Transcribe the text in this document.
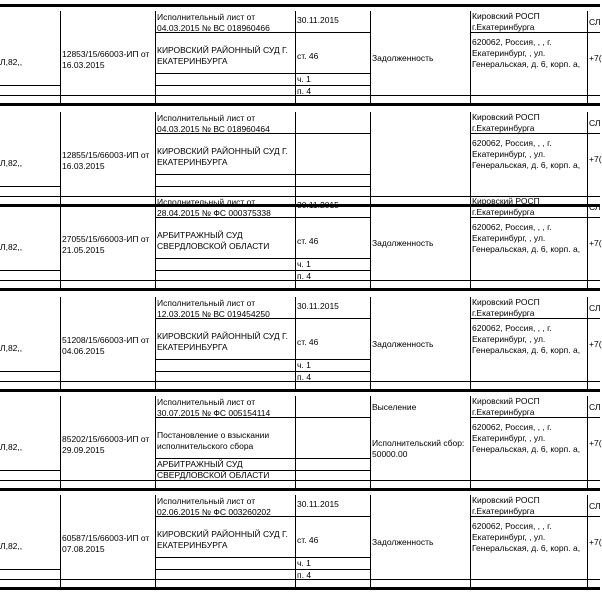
Л,82,,
12853/15/66003-ИП от 16.03.2015
Исполнительный лист от
04.03.2015 № ВС 018960466
КИРОВСКИЙ РАЙОННЫЙ СУД Г.
ЕКАТЕРИНБУРГА
30.11.2015
ст. 46
ч. 1
п. 4
Задолженность
Кировский РОСП
г.Екатеринбурга
620062, Россия, , , г.
Екатеринбург, , ул.
Генеральская, д. 6, корп. а,
СЛ
+7(
Л,82,,
12855/15/66003-ИП от 16.03.2015
Исполнительный лист от
04.03.2015 № ВС 018960464
КИРОВСКИЙ РАЙОННЫЙ СУД Г.
ЕКАТЕРИНБУРГА
Кировский РОСП
г.Екатеринбурга
620062, Россия, , , г.
Екатеринбург, , ул.
Генеральская, д. 6, корп. а,
СЛ
+7(
Л,82,,
27055/15/66003-ИП от 21.05.2015
Исполнительный лист от
28.04.2015 № ФС 000375338
АРБИТРАЖНЫЙ СУД
СВЕРДЛОВСКОЙ ОБЛАСТИ
30.11.2015
ст. 46
ч. 1
п. 4
Задолженность
Кировский РОСП
г.Екатеринбурга
620062, Россия, , , г.
Екатеринбург, , ул.
Генеральская, д. 6, корп. а,
СЛ
+7(
Л,82,,
51208/15/66003-ИП от 04.06.2015
Исполнительный лист от
12.03.2015 № ВС 019454250
КИРОВСКИЙ РАЙОННЫЙ СУД Г.
ЕКАТЕРИНБУРГА
30.11.2015
ст. 46
ч. 1
п. 4
Задолженность
Кировский РОСП
г.Екатеринбурга
620062, Россия, , , г.
Екатеринбург, , ул.
Генеральская, д. 6, корп. а,
СЛ
+7(
Л,82,,
85202/15/66003-ИП от 29.09.2015
Исполнительный лист от
30.07.2015 № ФС 005154114
Постановление о взыскании
исполнительского сбора
АРБИТРАЖНЫЙ СУД
СВЕРДЛОВСКОЙ ОБЛАСТИ
Выселение
Исполнительский сбор: 50000.00
Кировский РОСП
г.Екатеринбурга
620062, Россия, , , г.
Екатеринбург, , ул.
Генеральская, д. 6, корп. а,
СЛ
+7(
Л,82,,
60587/15/66003-ИП от 07.08.2015
Исполнительный лист от
02.06.2015 № ФС 003260202
КИРОВСКИЙ РАЙОННЫЙ СУД Г.
ЕКАТЕРИНБУРГА
30.11.2015
ст. 46
ч. 1
п. 4
Задолженность
Кировский РОСП
г.Екатеринбурга
620062, Россия, , , г.
Екатеринбург, , ул.
Генеральская, д. 6, корп. а,
СЛ
+7(
